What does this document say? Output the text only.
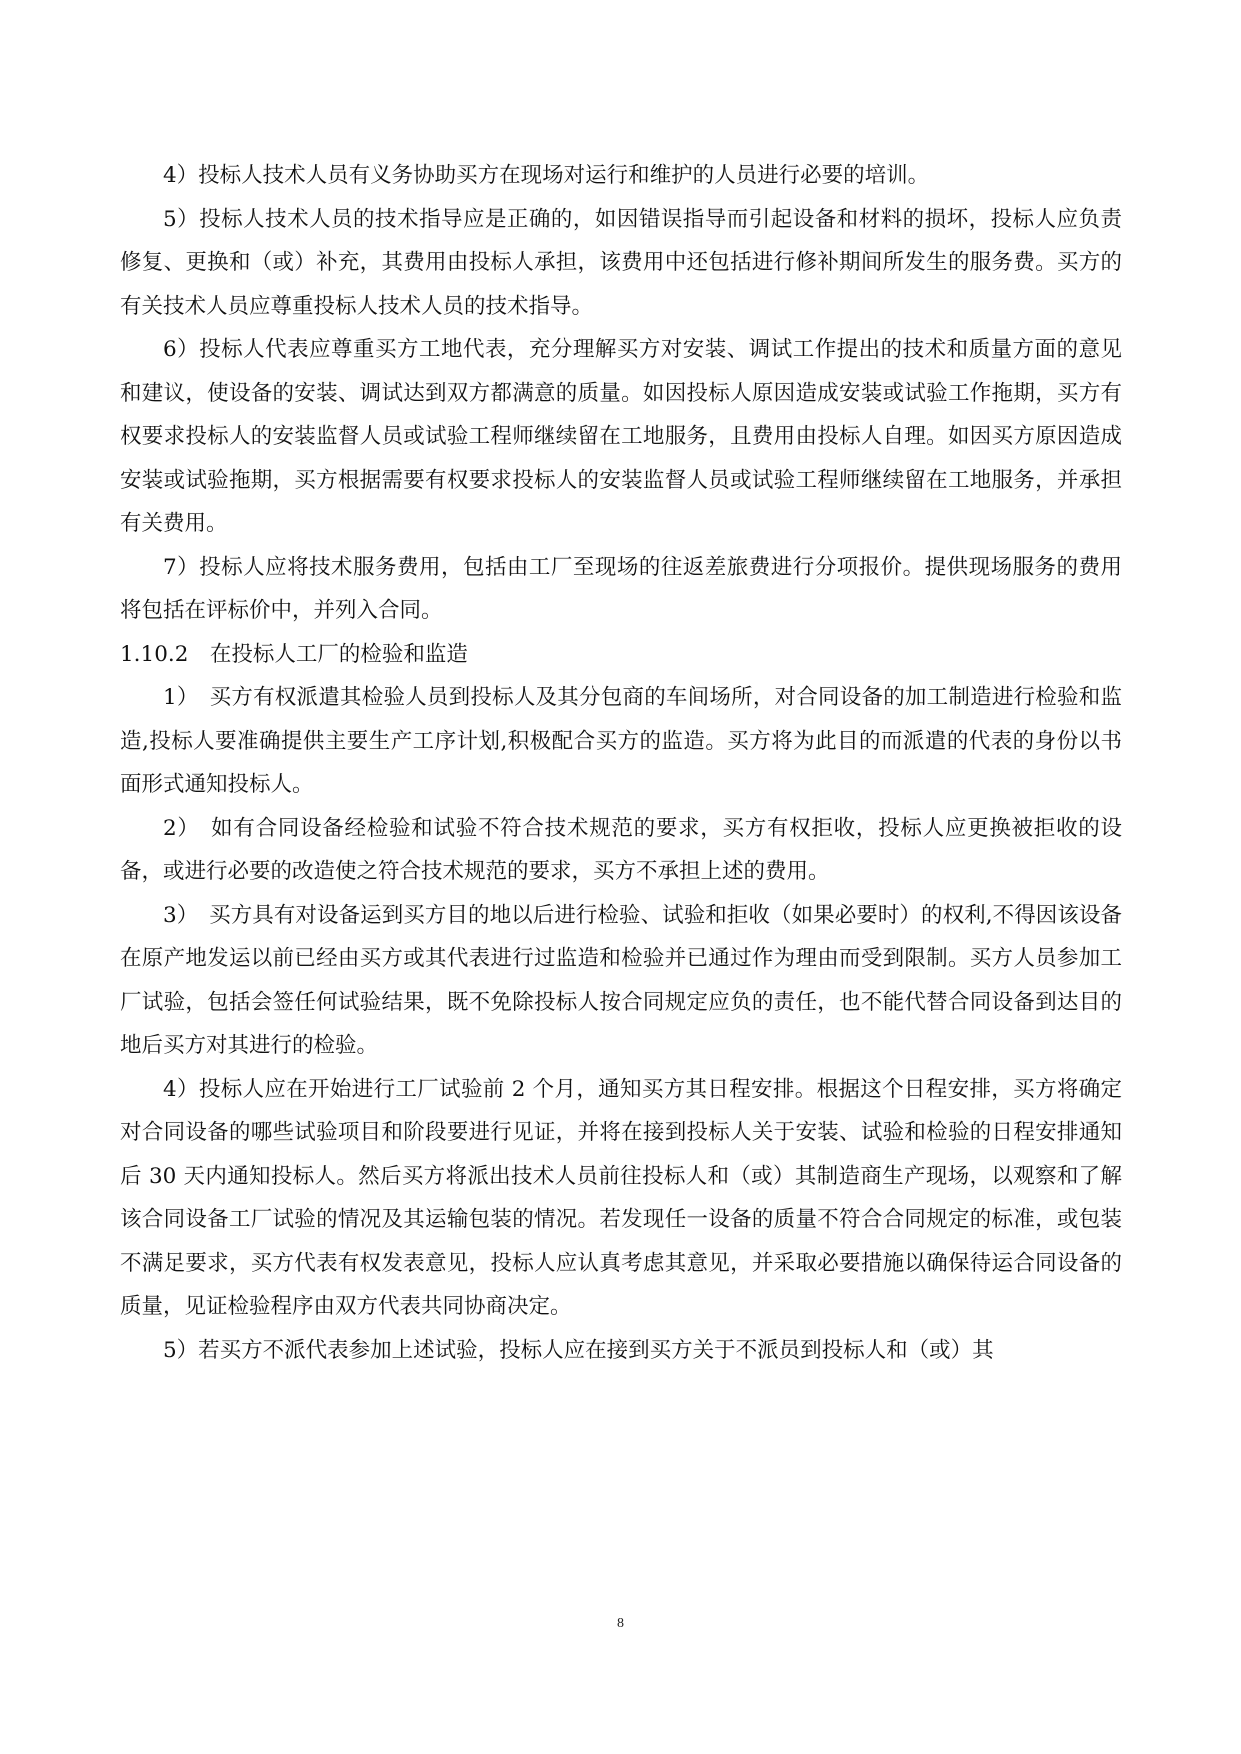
4）投标人技术人员有义务协助买方在现场对运行和维护的人员进行必要的培训。

5）投标人技术人员的技术指导应是正确的，如因错误指导而引起设备和材料的损坏，投标人应负责修复、更换和（或）补充，其费用由投标人承担，该费用中还包括进行修补期间所发生的服务费。买方的有关技术人员应尊重投标人技术人员的技术指导。

6）投标人代表应尊重买方工地代表，充分理解买方对安装、调试工作提出的技术和质量方面的意见和建议，使设备的安装、调试达到双方都满意的质量。如因投标人原因造成安装或试验工作拖期，买方有权要求投标人的安装监督人员或试验工程师继续留在工地服务，且费用由投标人自理。如因买方原因造成安装或试验拖期，买方根据需要有权要求投标人的安装监督人员或试验工程师继续留在工地服务，并承担有关费用。

7）投标人应将技术服务费用，包括由工厂至现场的往返差旅费进行分项报价。提供现场服务的费用将包括在评标价中，并列入合同。

1.10.2　在投标人工厂的检验和监造

1）　买方有权派遣其检验人员到投标人及其分包商的车间场所，对合同设备的加工制造进行检验和监造,投标人要准确提供主要生产工序计划,积极配合买方的监造。买方将为此目的而派遣的代表的身份以书面形式通知投标人。

2）　如有合同设备经检验和试验不符合技术规范的要求，买方有权拒收，投标人应更换被拒收的设备，或进行必要的改造使之符合技术规范的要求，买方不承担上述的费用。

3）　买方具有对设备运到买方目的地以后进行检验、试验和拒收（如果必要时）的权利,不得因该设备在原产地发运以前已经由买方或其代表进行过监造和检验并已通过作为理由而受到限制。买方人员参加工厂试验，包括会签任何试验结果，既不免除投标人按合同规定应负的责任，也不能代替合同设备到达目的地后买方对其进行的检验。

4）投标人应在开始进行工厂试验前 2 个月，通知买方其日程安排。根据这个日程安排，买方将确定对合同设备的哪些试验项目和阶段要进行见证，并将在接到投标人关于安装、试验和检验的日程安排通知后 30 天内通知投标人。然后买方将派出技术人员前往投标人和（或）其制造商生产现场，以观察和了解该合同设备工厂试验的情况及其运输包装的情况。若发现任一设备的质量不符合合同规定的标准，或包装不满足要求，买方代表有权发表意见，投标人应认真考虑其意见，并采取必要措施以确保待运合同设备的质量，见证检验程序由双方代表共同协商决定。

5）若买方不派代表参加上述试验，投标人应在接到买方关于不派员到投标人和（或）其

8
